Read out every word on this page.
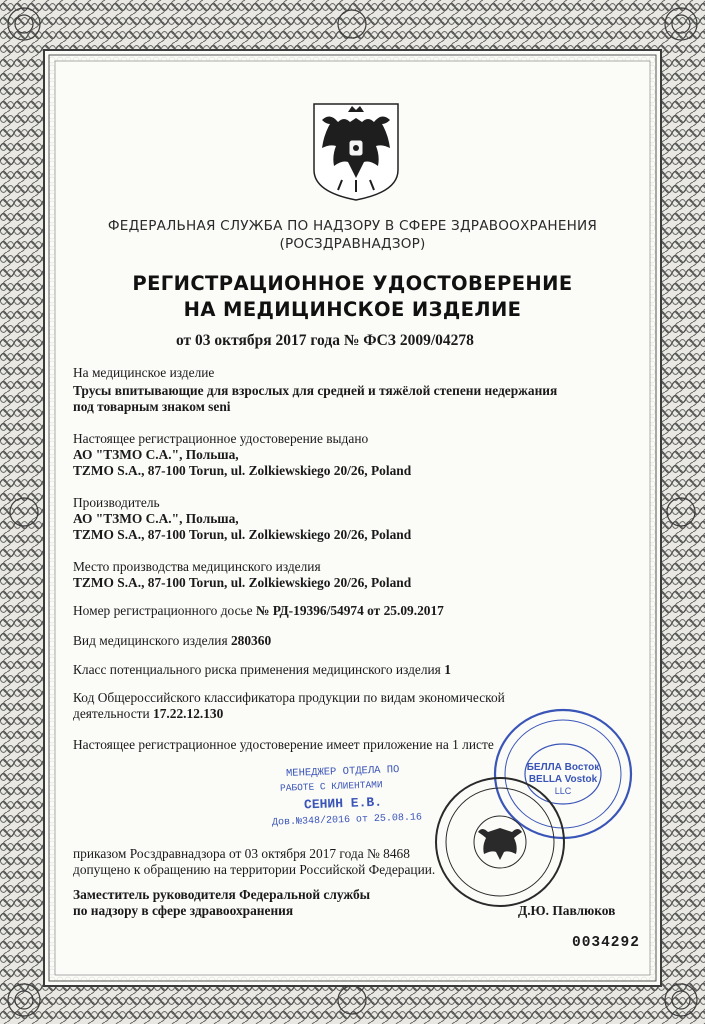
ФЕДЕРАЛЬНАЯ СЛУЖБА ПО НАДЗОРУ В СФЕРЕ ЗДРАВООХРАНЕНИЯ
(РОСЗДРАВНАДЗОР)
РЕГИСТРАЦИОННОЕ УДОСТОВЕРЕНИЕ
НА МЕДИЦИНСКОЕ ИЗДЕЛИЕ
от 03 октября 2017 года № ФСЗ 2009/04278
На медицинское изделие
Трусы впитывающие для взрослых для средней и тяжёлой степени недержания
под товарным знаком seni
Настоящее регистрационное удостоверение выдано
АО "ТЗМО С.А.", Польша,
TZMO S.A., 87-100 Torun, ul. Zolkiewskiego 20/26, Poland
Производитель
АО "ТЗМО С.А.", Польша,
TZMO S.A., 87-100 Torun, ul. Zolkiewskiego 20/26, Poland
Место производства медицинского изделия
TZMO S.A., 87-100 Torun, ul. Zolkiewskiego 20/26, Poland
Номер регистрационного досье № РД-19396/54974 от 25.09.2017
Вид медицинского изделия 280360
Класс потенциального риска применения медицинского изделия 1
Код Общероссийского классификатора продукции по видам экономической
деятельности 17.22.12.130
Настоящее регистрационное удостоверение имеет приложение на 1 листе
МЕНЕДЖЕР ОТДЕЛА ПО
РАБОТЕ С КЛИЕНТАМИ
СЕНИН Е.В.
Дов.№348/2016 от 25.08.16
БЕЛЛА Восток
BELLA Vostok
LLC
приказом Росздравнадзора от 03 октября 2017 года № 8468
допущено к обращению на территории Российской Федерации.
Заместитель руководителя Федеральной службы
по надзору в сфере здравоохранения	Д.Ю. Павлюков
0034292
